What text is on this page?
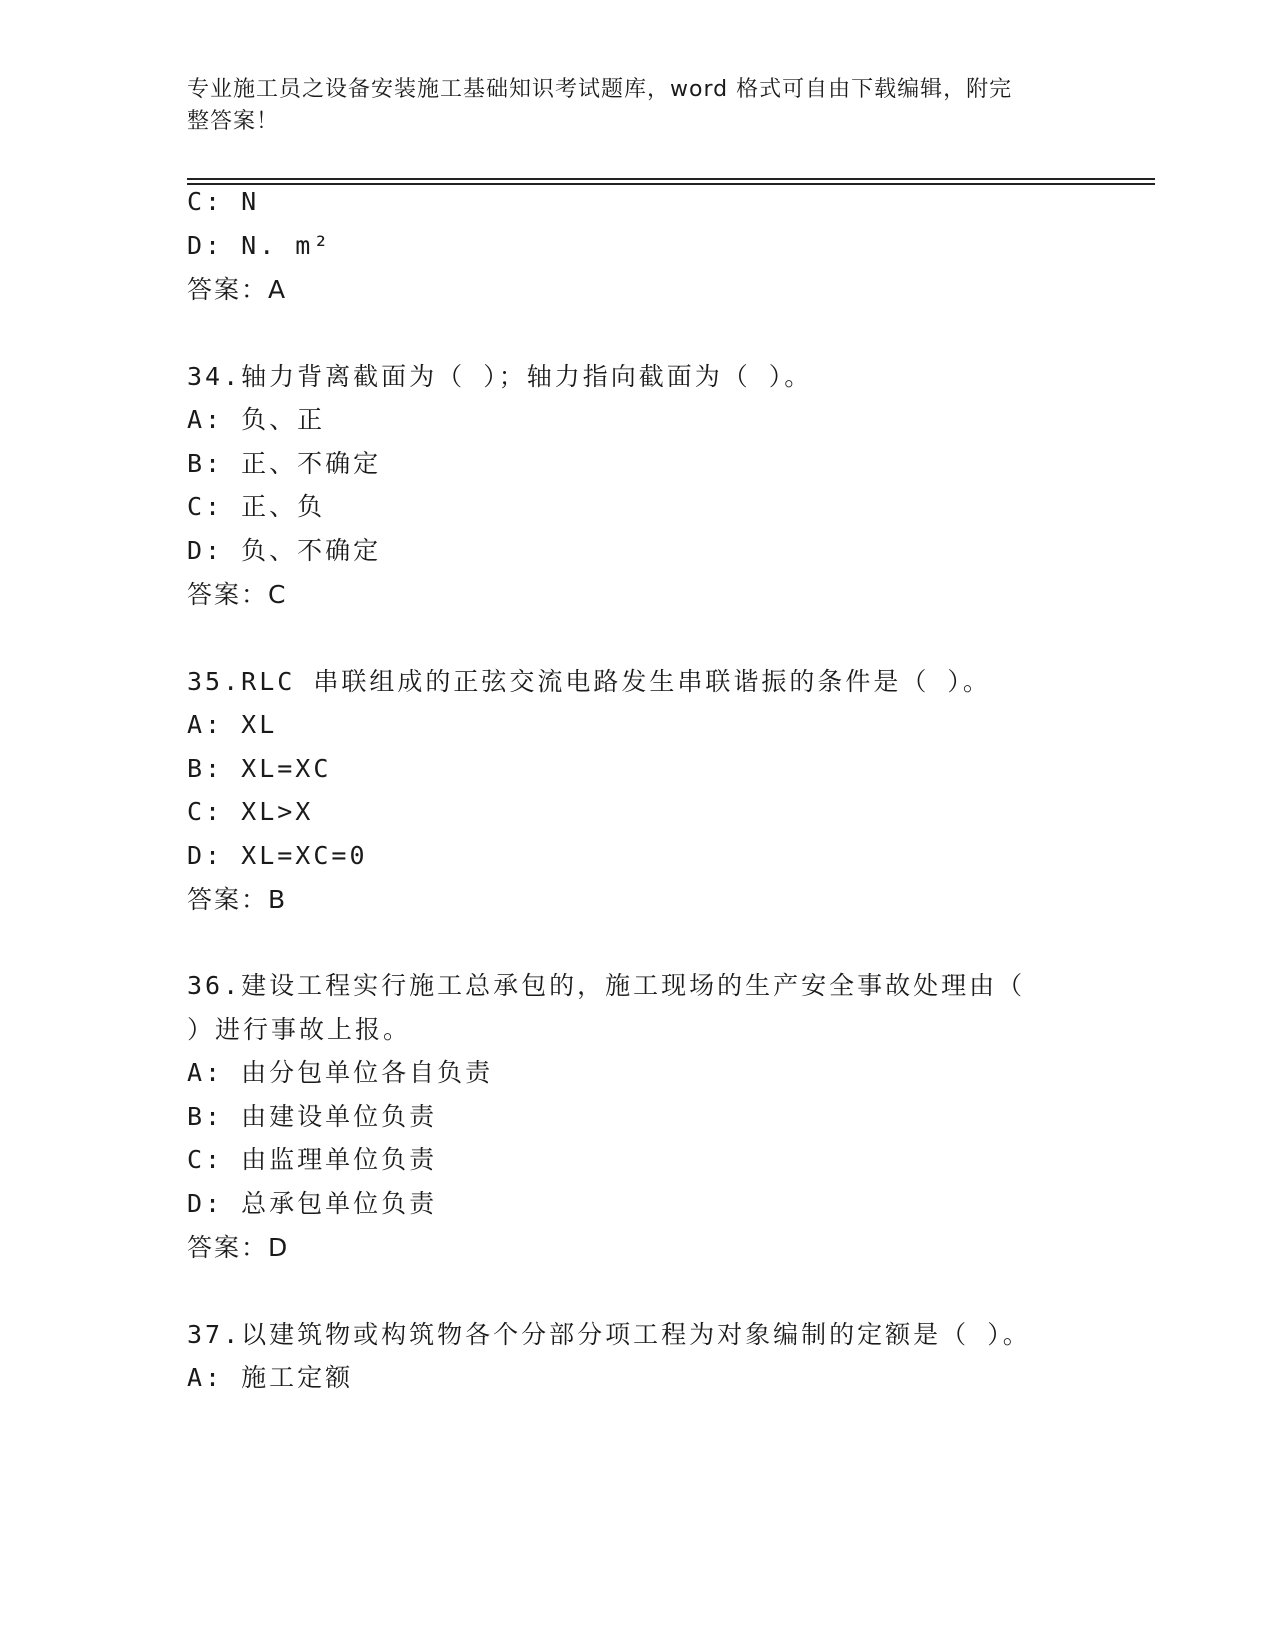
专业施工员之设备安装施工基础知识考试题库，word 格式可自由下载编辑，附完
整答案！
C: N
D: N. m²
答案：A
34.轴力背离截面为（ ）；轴力指向截面为（ ）。
A: 负、正
B: 正、不确定
C: 正、负
D: 负、不确定
答案：C
35.RLC 串联组成的正弦交流电路发生串联谐振的条件是（ ）。
A: XL
B: XL=XC
C: XL>X
D: XL=XC=0
答案：B
36.建设工程实行施工总承包的，施工现场的生产安全事故处理由（
）进行事故上报。
A: 由分包单位各自负责
B: 由建设单位负责
C: 由监理单位负责
D: 总承包单位负责
答案：D
37.以建筑物或构筑物各个分部分项工程为对象编制的定额是（ ）。
A: 施工定额
